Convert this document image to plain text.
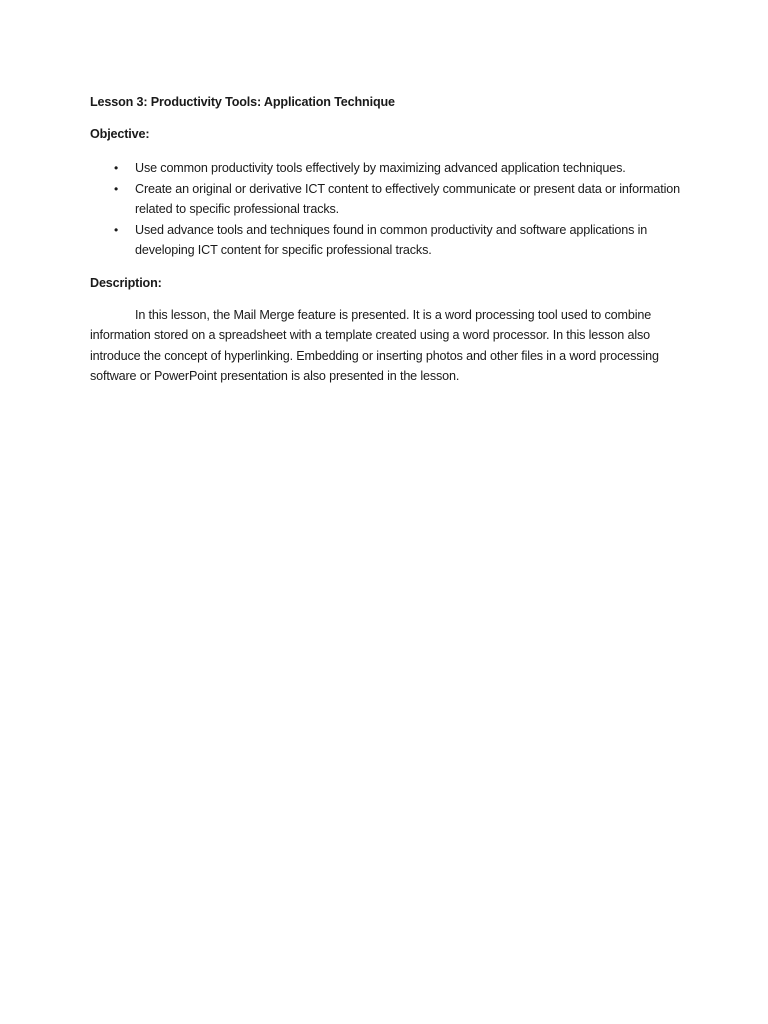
Lesson 3: Productivity Tools: Application Technique

Objective:

• Use common productivity tools effectively by maximizing advanced application techniques.
• Create an original or derivative ICT content to effectively communicate or present data or information related to specific professional tracks.
• Used advance tools and techniques found in common productivity and software applications in developing ICT content for specific professional tracks.

Description:

In this lesson, the Mail Merge feature is presented. It is a word processing tool used to combine information stored on a spreadsheet with a template created using a word processor. In this lesson also introduce the concept of hyperlinking. Embedding or inserting photos and other files in a word processing software or PowerPoint presentation is also presented in the lesson.
